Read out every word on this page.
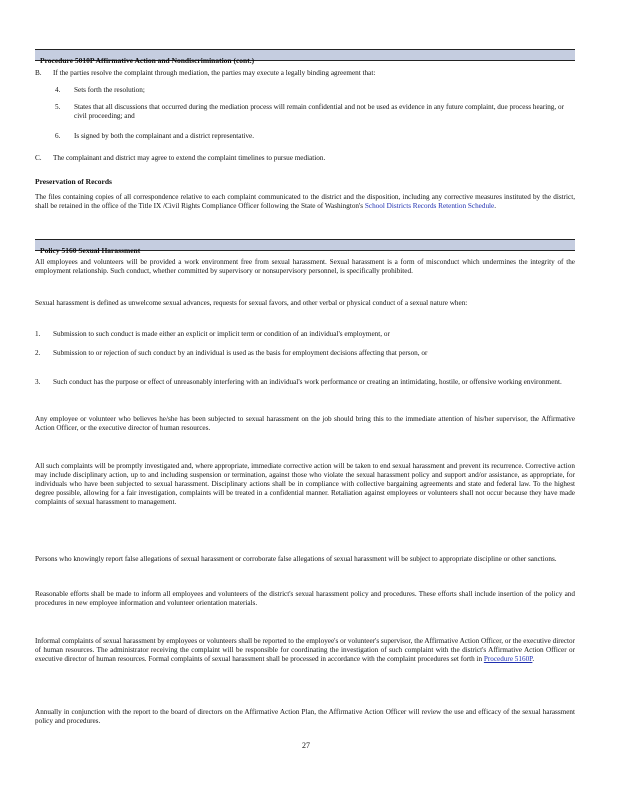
Procedure 5010P Affirmative Action and Nondiscrimination (cont.)
B. If the parties resolve the complaint through mediation, the parties may execute a legally binding agreement that:
4. Sets forth the resolution;
5. States that all discussions that occurred during the mediation process will remain confidential and not be used as evidence in any future complaint, due process hearing, or civil proceeding; and
6. Is signed by both the complainant and a district representative.
C. The complainant and district may agree to extend the complaint timelines to pursue mediation.
Preservation of Records
The files containing copies of all correspondence relative to each complaint communicated to the district and the disposition, including any corrective measures instituted by the district, shall be retained in the office of the Title IX /Civil Rights Compliance Officer following the State of Washington's School Districts Records Retention Schedule.
Policy 5160 Sexual Harassment
All employees and volunteers will be provided a work environment free from sexual harassment. Sexual harassment is a form of misconduct which undermines the integrity of the employment relationship. Such conduct, whether committed by supervisory or nonsupervisory personnel, is specifically prohibited.
Sexual harassment is defined as unwelcome sexual advances, requests for sexual favors, and other verbal or physical conduct of a sexual nature when:
1. Submission to such conduct is made either an explicit or implicit term or condition of an individual's employment, or
2. Submission to or rejection of such conduct by an individual is used as the basis for employment decisions affecting that person, or
3. Such conduct has the purpose or effect of unreasonably interfering with an individual's work performance or creating an intimidating, hostile, or offensive working environment.
Any employee or volunteer who believes he/she has been subjected to sexual harassment on the job should bring this to the immediate attention of his/her supervisor, the Affirmative Action Officer, or the executive director of human resources.
All such complaints will be promptly investigated and, where appropriate, immediate corrective action will be taken to end sexual harassment and prevent its recurrence. Corrective action may include disciplinary action, up to and including suspension or termination, against those who violate the sexual harassment policy and support and/or assistance, as appropriate, for individuals who have been subjected to sexual harassment. Disciplinary actions shall be in compliance with collective bargaining agreements and state and federal law. To the highest degree possible, allowing for a fair investigation, complaints will be treated in a confidential manner. Retaliation against employees or volunteers shall not occur because they have made complaints of sexual harassment to management.
Persons who knowingly report false allegations of sexual harassment or corroborate false allegations of sexual harassment will be subject to appropriate discipline or other sanctions.
Reasonable efforts shall be made to inform all employees and volunteers of the district's sexual harassment policy and procedures. These efforts shall include insertion of the policy and procedures in new employee information and volunteer orientation materials.
Informal complaints of sexual harassment by employees or volunteers shall be reported to the employee's or volunteer's supervisor, the Affirmative Action Officer, or the executive director of human resources. The administrator receiving the complaint will be responsible for coordinating the investigation of such complaint with the district's Affirmative Action Officer or executive director of human resources. Formal complaints of sexual harassment shall be processed in accordance with the complaint procedures set forth in Procedure 5160P.
Annually in conjunction with the report to the board of directors on the Affirmative Action Plan, the Affirmative Action Officer will review the use and efficacy of the sexual harassment policy and procedures.
27
